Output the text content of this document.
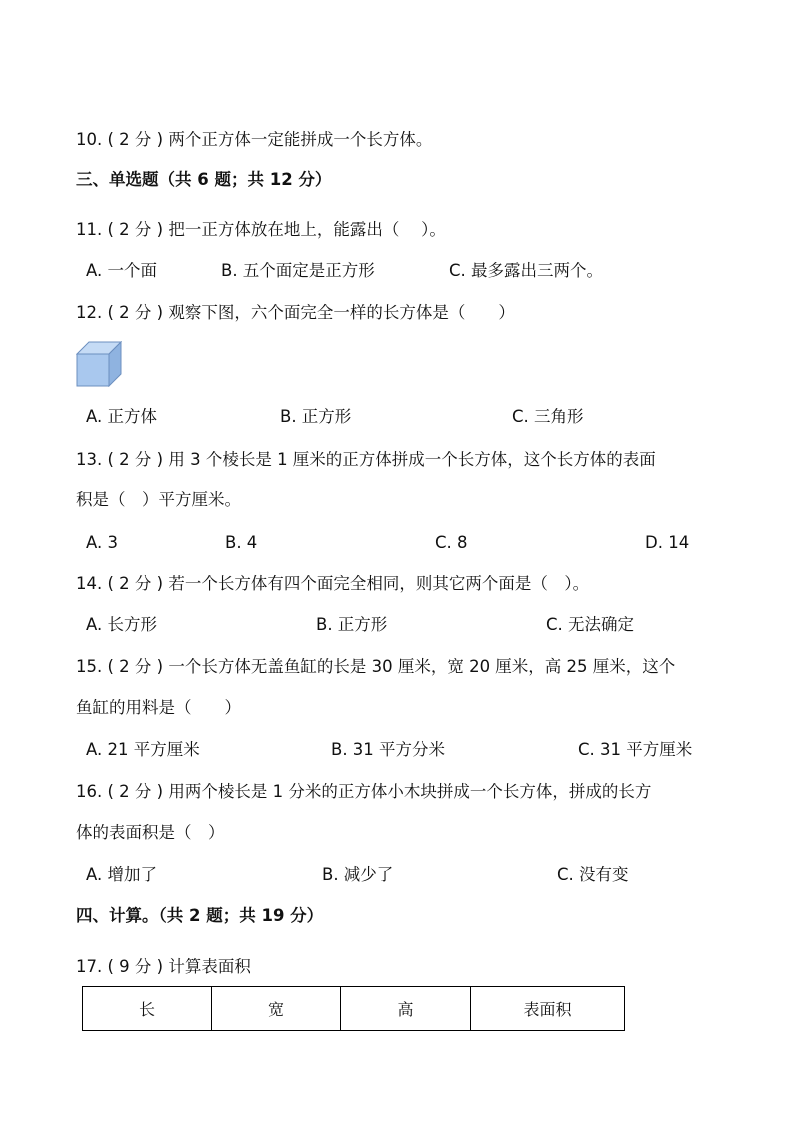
10. ( 2 分 ) 两个正方体一定能拼成一个长方体。
三、单选题（共 6 题；共 12 分）
11. ( 2 分 ) 把一正方体放在地上，能露出（　 ）。
A. 一个面	B. 五个面定是正方形	C. 最多露出三两个。
12. ( 2 分 ) 观察下图，六个面完全一样的长方体是（　　）
A. 正方体	B. 正方形	C. 三角形
13. ( 2 分 ) 用 3 个棱长是 1 厘米的正方体拼成一个长方体，这个长方体的表面
积是（　）平方厘米。
A. 3	B. 4	C. 8	D. 14
14. ( 2 分 ) 若一个长方体有四个面完全相同，则其它两个面是（　）。
A. 长方形	B. 正方形	C. 无法确定
15. ( 2 分 ) 一个长方体无盖鱼缸的长是 30 厘米，宽 20 厘米，高 25 厘米，这个
鱼缸的用料是（　　）
A. 21 平方厘米	B. 31 平方分米	C. 31 平方厘米
16. ( 2 分 ) 用两个棱长是 1 分米的正方体小木块拼成一个长方体，拼成的长方
体的表面积是（　）
A. 增加了	B. 减少了	C. 没有变
四、计算。（共 2 题；共 19 分）
17. ( 9 分 ) 计算表面积
长	宽	高	表面积
